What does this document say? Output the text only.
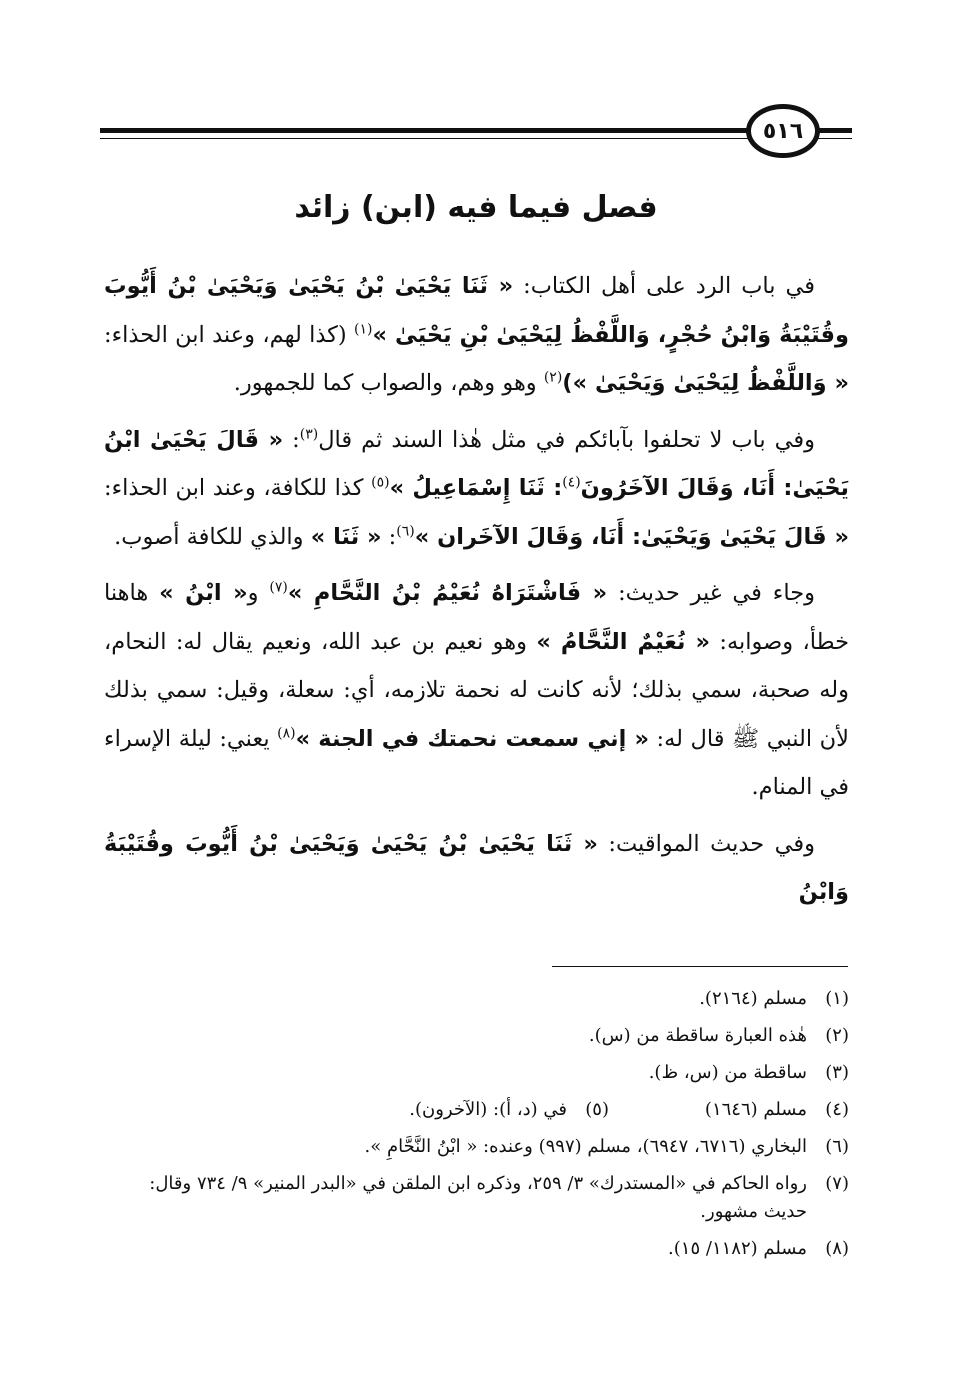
٥١٦
فصل فيما فيه (ابن) زائد

في باب الرد على أهل الكتاب: « ثَنَا يَحْيَىٰ بْنُ يَحْيَىٰ وَيَحْيَىٰ بْنُ أَيُّوبَ وقُتَيْبَةُ وَابْنُ حُجْرٍ، وَاللَّفْظُ لِيَحْيَىٰ بْنِ يَحْيَىٰ »$^{(١)}$ (كذا لهم، وعند ابن الحذاء: « وَاللَّفْظُ لِيَحْيَىٰ وَيَحْيَىٰ »)$^{(٢)}$ وهو وهم، والصواب كما للجمهور.

وفي باب لا تحلفوا بآبائكم في مثل هٰذا السند ثم قال$^{(٣)}$: « قَالَ يَحْيَىٰ ابْنُ يَحْيَىٰ: أَنَا، وَقَالَ الآخَرُونَ$^{(٤)}$: ثَنَا إِسْمَاعِيلُ »$^{(٥)}$ كذا للكافة، وعند ابن الحذاء: « قَالَ يَحْيَىٰ وَيَحْيَىٰ: أَنَا، وَقَالَ الآخَران »$^{(٦)}$: « ثَنَا » والذي للكافة أصوب.

وجاء في غير حديث: « فَاشْتَرَاهُ نُعَيْمُ بْنُ النَّحَّامِ »$^{(٧)}$ و« ابْنُ » هاهنا خطأ، وصوابه: « نُعَيْمٌ النَّحَّامُ » وهو نعيم بن عبد الله، ونعيم يقال له: النحام، وله صحبة، سمي بذلك؛ لأنه كانت له نحمة تلازمه، أي: سعلة، وقيل: سمي بذلك لأن النبي ﷺ قال له: « إني سمعت نحمتك في الجنة »$^{(٨)}$ يعني: ليلة الإسراء في المنام.

وفي حديث المواقيت: « ثَنَا يَحْيَىٰ بْنُ يَحْيَىٰ وَيَحْيَىٰ بْنُ أَيُّوبَ وقُتَيْبَةُ وَابْنُ

(١)
مسلم (٢١٦٤).
(٢)
هٰذه العبارة ساقطة من (س).
(٣)
ساقطة من (س، ظ).
(٤)
مسلم (١٦٤٦)
(٥)
في (د، أ): (الآخرون).
(٦)
البخاري (٦٧١٦، ٦٩٤٧)، مسلم (٩٩٧) وعنده: « ابْنُ النَّحَّامِ ».
(٧)
رواه الحاكم في «المستدرك» ٣/ ٢٥٩، وذكره ابن الملقن في «البدر المنير» ٩/ ٧٣٤ وقال: حديث مشهور.
(٨)
مسلم (١١٨٢/ ١٥).
